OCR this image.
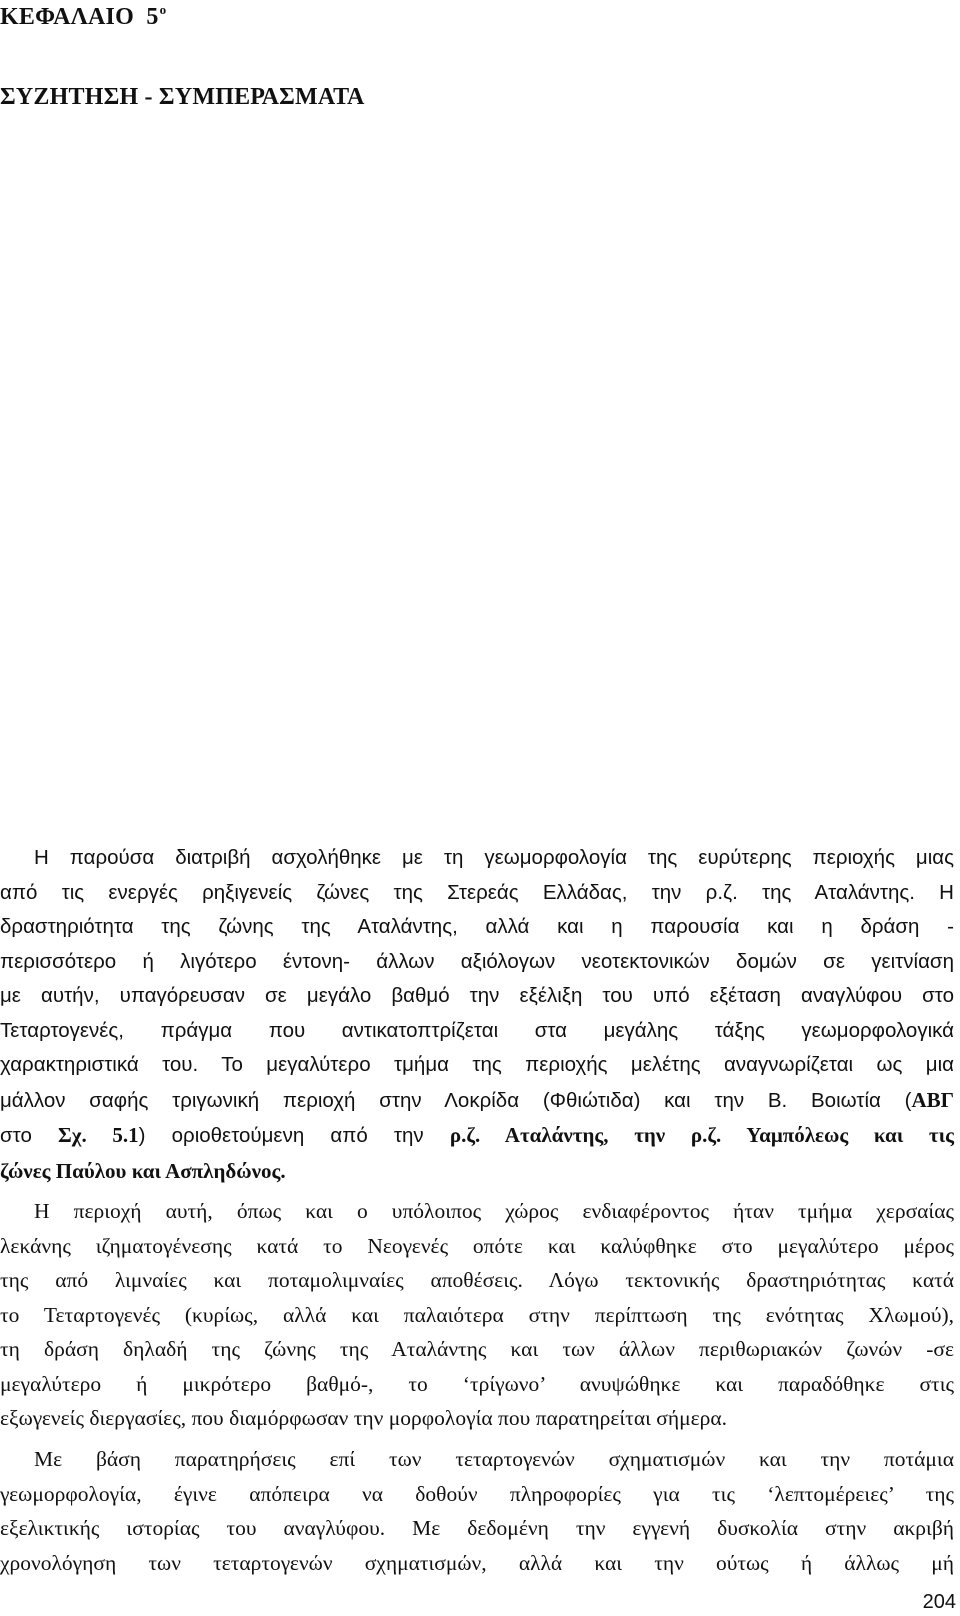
ΚΕΦΑΛΑΙΟ $5^o$
ΣΥΖΗΤΗΣΗ - ΣΥΜΠΕΡΑΣΜΑΤΑ
Η παρούσα διατριβή ασχολήθηκε με τη γεωμορφολογία της ευρύτερης περιοχής μιας
από τις ενεργές ρηξιγενείς ζώνες της Στερεάς Ελλάδας, την ρ.ζ. της Αταλάντης. Η
δραστηριότητα της ζώνης της Αταλάντης, αλλά και η παρουσία και η δράση -
περισσότερο ή λιγότερο έντονη- άλλων αξιόλογων νεοτεκτονικών δομών σε γειτνίαση
με αυτήν, υπαγόρευσαν σε μεγάλο βαθμό την εξέλιξη του υπό εξέταση αναγλύφου στο
Τεταρτογενές, πράγμα που αντικατοπτρίζεται στα μεγάλης τάξης γεωμορφολογικά
χαρακτηριστικά του. Το μεγαλύτερο τμήμα της περιοχής μελέτης αναγνωρίζεται ως μια
μάλλον σαφής τριγωνική περιοχή στην Λοκρίδα (Φθιώτιδα) και την Β. Βοιωτία (ΑΒΓ
στο Σχ. 5.1) οριοθετούμενη από την ρ.ζ. Αταλάντης, την ρ.ζ. Υαμπόλεως και τις
ζώνες Παύλου και Ασπληδώνος.
Η περιοχή αυτή, όπως και ο υπόλοιπος χώρος ενδιαφέροντος ήταν τμήμα χερσαίας
λεκάνης ιζηματογένεσης κατά το Νεογενές οπότε και καλύφθηκε στο μεγαλύτερο μέρος
της από λιμναίες και ποταμολιμναίες αποθέσεις. Λόγω τεκτονικής δραστηριότητας κατά
το Τεταρτογενές (κυρίως, αλλά και παλαιότερα στην περίπτωση της ενότητας Χλωμού),
τη δράση δηλαδή της ζώνης της Αταλάντης και των άλλων περιθωριακών ζωνών -σε
μεγαλύτερο ή μικρότερο βαθμό-, το ‘τρίγωνο’ ανυψώθηκε και παραδόθηκε στις
εξωγενείς διεργασίες, που διαμόρφωσαν την μορφολογία που παρατηρείται σήμερα.
Με βάση παρατηρήσεις επί των τεταρτογενών σχηματισμών και την ποτάμια
γεωμορφολογία, έγινε απόπειρα να δοθούν πληροφορίες για τις ‘λεπτομέρειες’ της
εξελικτικής ιστορίας του αναγλύφου. Με δεδομένη την εγγενή δυσκολία στην ακριβή
χρονολόγηση των τεταρτογενών σχηματισμών, αλλά και την ούτως ή άλλως μή
204
